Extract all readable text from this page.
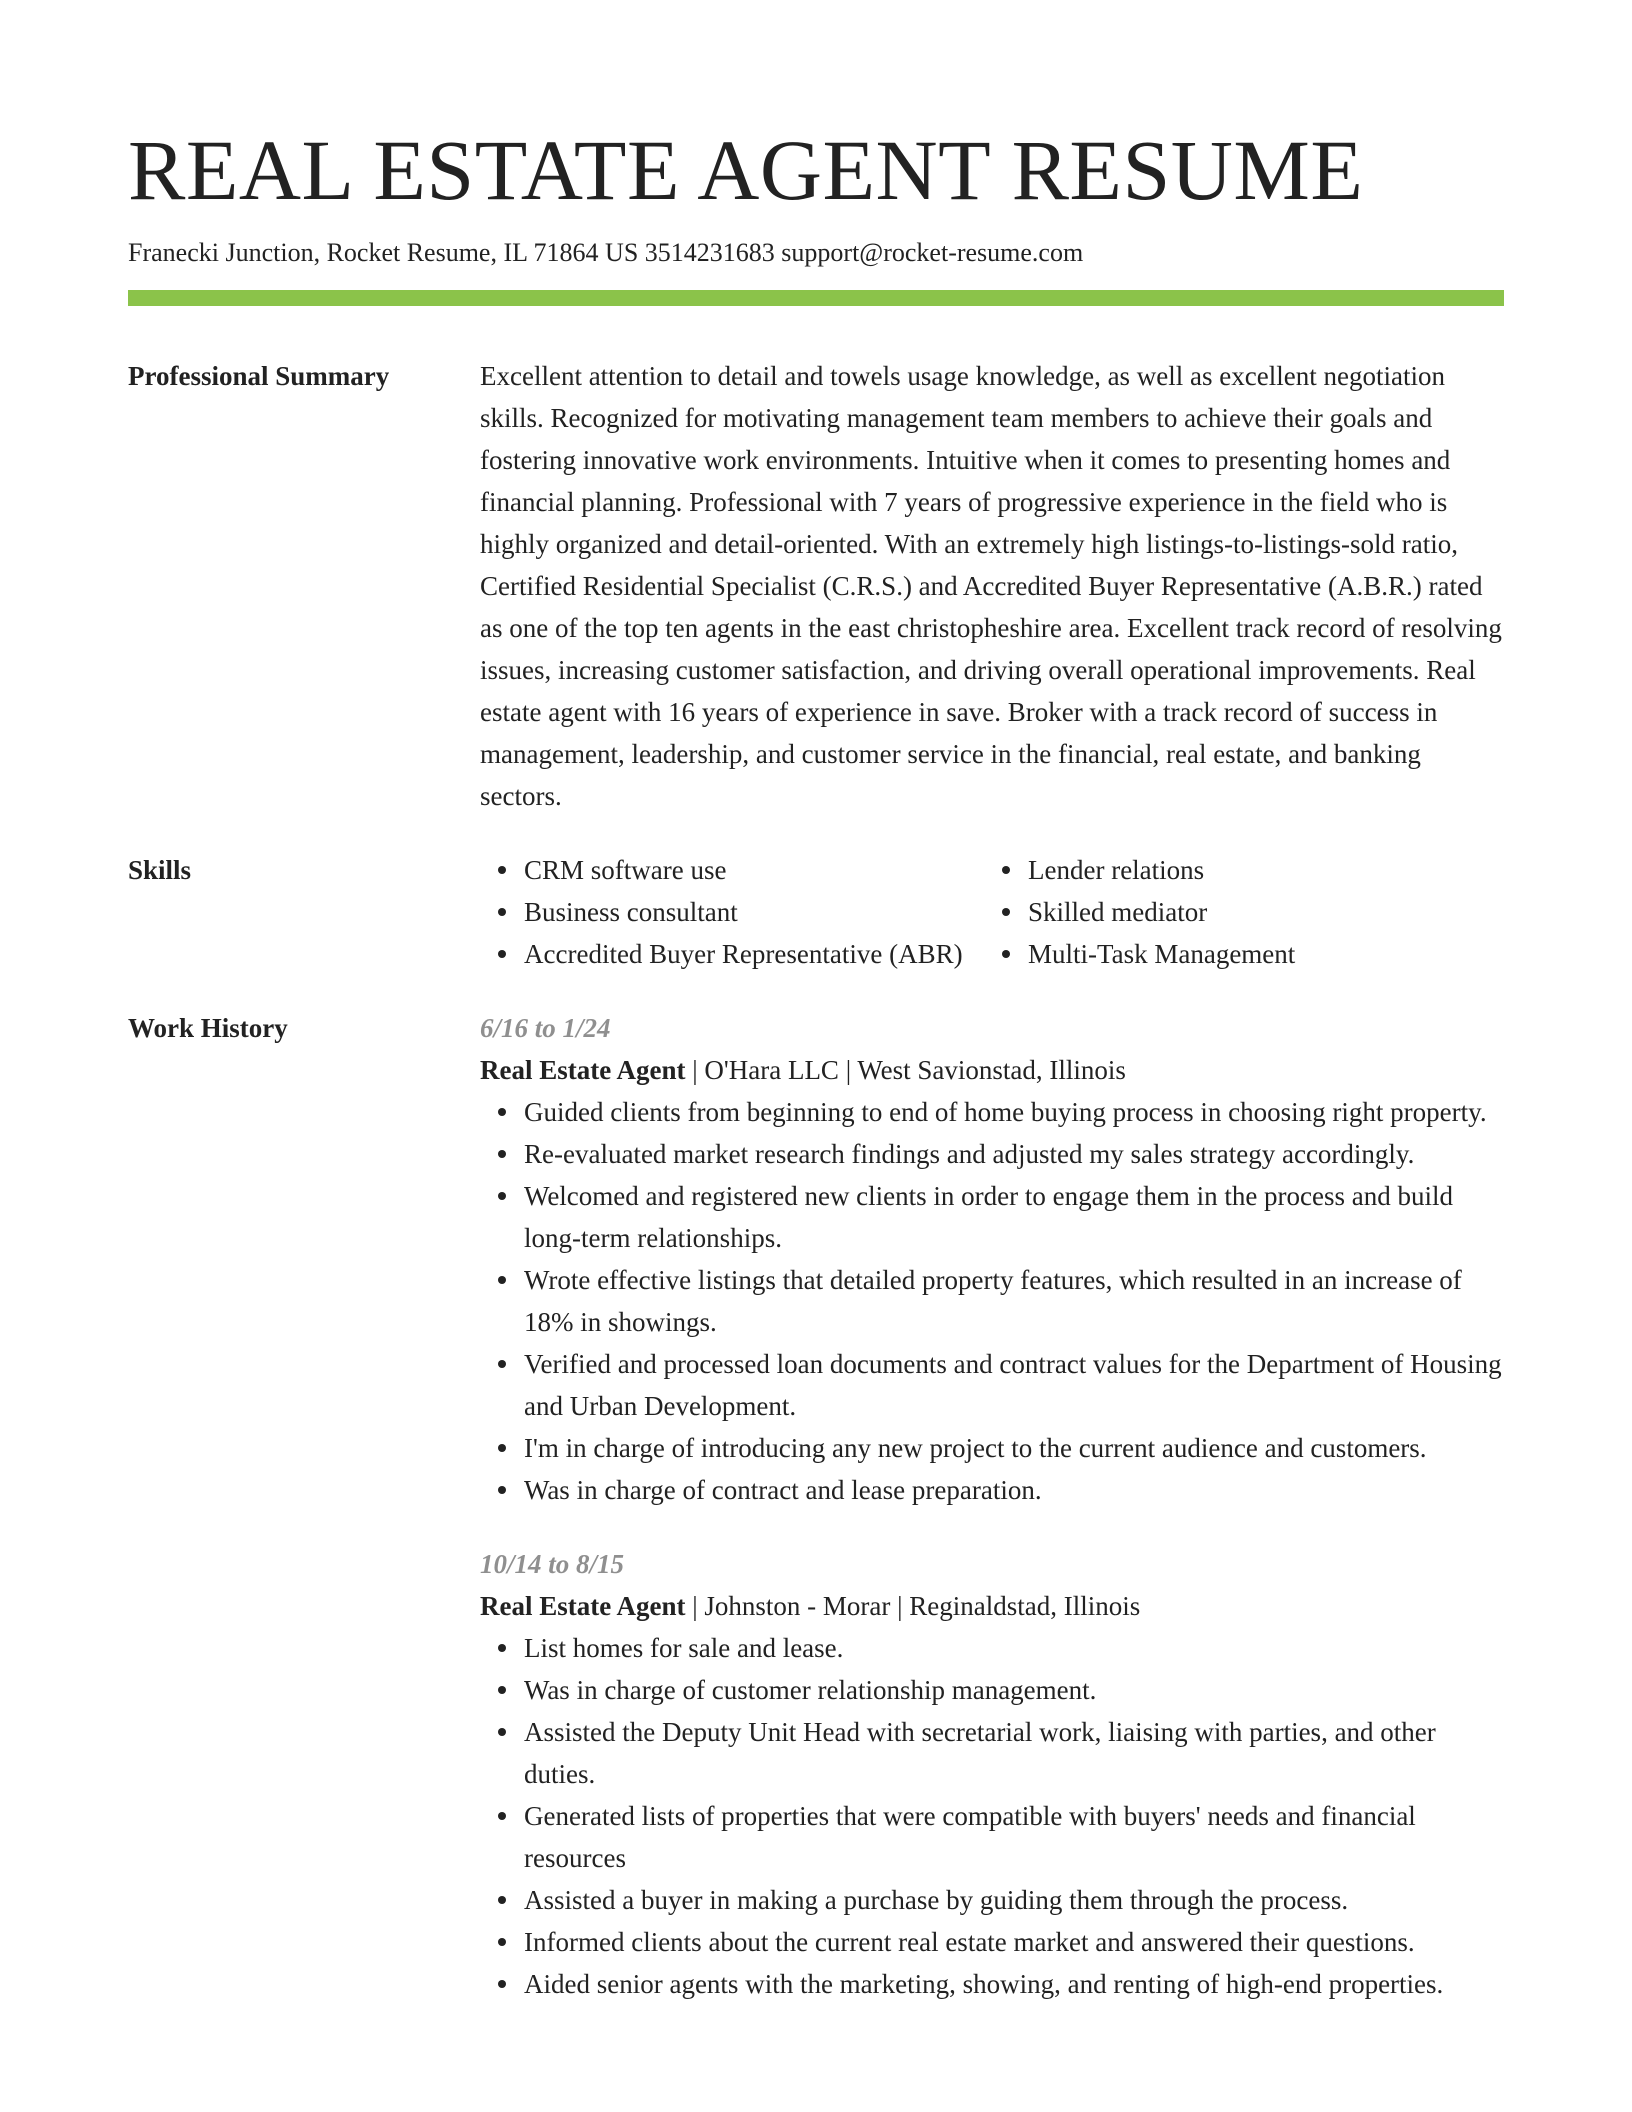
REAL ESTATE AGENT RESUME
Franecki Junction, Rocket Resume, IL 71864 US 3514231683 support@rocket-resume.com
Professional Summary	Excellent attention to detail and towels usage knowledge, as well as excellent negotiation skills. Recognized for motivating management team members to achieve their goals and fostering innovative work environments. Intuitive when it comes to presenting homes and financial planning. Professional with 7 years of progressive experience in the field who is highly organized and detail-oriented. With an extremely high listings-to-listings-sold ratio, Certified Residential Specialist (C.R.S.) and Accredited Buyer Representative (A.B.R.) rated as one of the top ten agents in the east christopheshire area. Excellent track record of resolving issues, increasing customer satisfaction, and driving overall operational improvements. Real estate agent with 16 years of experience in save. Broker with a track record of success in management, leadership, and customer service in the financial, real estate, and banking sectors.
Skills	CRM software use
Business consultant
Accredited Buyer Representative (ABR)
Lender relations
Skilled mediator
Multi-Task Management
Work History	6/16 to 1/24
Real Estate Agent | O'Hara LLC | West Savionstad, Illinois
Guided clients from beginning to end of home buying process in choosing right property.
Re-evaluated market research findings and adjusted my sales strategy accordingly.
Welcomed and registered new clients in order to engage them in the process and build long-term relationships.
Wrote effective listings that detailed property features, which resulted in an increase of 18% in showings.
Verified and processed loan documents and contract values for the Department of Housing and Urban Development.
I'm in charge of introducing any new project to the current audience and customers.
Was in charge of contract and lease preparation.
10/14 to 8/15
Real Estate Agent | Johnston - Morar | Reginaldstad, Illinois
List homes for sale and lease.
Was in charge of customer relationship management.
Assisted the Deputy Unit Head with secretarial work, liaising with parties, and other duties.
Generated lists of properties that were compatible with buyers' needs and financial resources
Assisted a buyer in making a purchase by guiding them through the process.
Informed clients about the current real estate market and answered their questions.
Aided senior agents with the marketing, showing, and renting of high-end properties.
